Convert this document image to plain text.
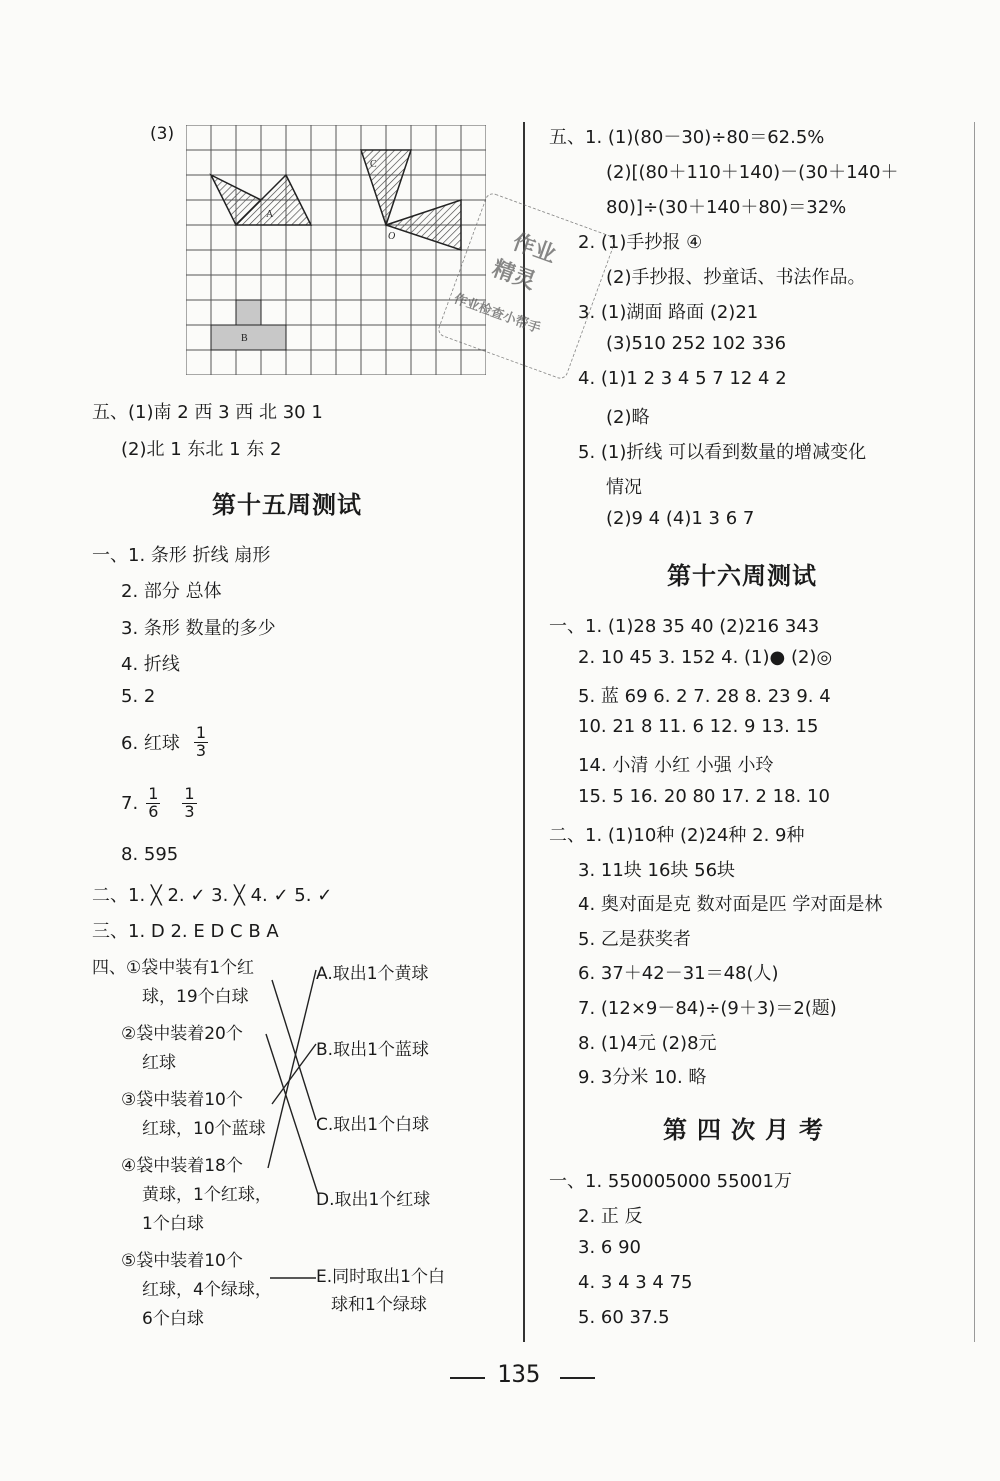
(3)
A
B
C
O
五、(1)南 2 西 3 西 北 30 1
(2)北 1 东北 1 东 2
第十五周测试
一、1. 条形 折线 扇形
2. 部分 总体
3. 条形 数量的多少
4. 折线
5. 2
6. 红球 $\frac{1}{3}$
7. $\frac{1}{6} \frac{1}{3}$
8. 595
二、1. ╳ 2. ✓ 3. ╳ 4. ✓ 5. ✓
三、1. D 2. E D C B A
四、①袋中装有1个红
球，19个白球
②袋中装着20个
红球
③袋中装着10个
红球，10个蓝球
④袋中装着18个
黄球，1个红球，
1个白球
⑤袋中装着10个
红球，4个绿球，
6个白球
A.取出1个黄球
B.取出1个蓝球
C.取出1个白球
D.取出1个红球
E.同时取出1个白
球和1个绿球
五、1. (1)(80－30)÷80＝62.5%
(2)[(80＋110＋140)－(30＋140＋
80)]÷(30＋140＋80)＝32%
2. (1)手抄报 ④
(2)手抄报、抄童话、书法作品。
3. (1)湖面 路面 (2)21
(3)510 252 102 336
4. (1)1 2 3 4 5 7 12 4 2
(2)略
5. (1)折线 可以看到数量的增减变化
情况
(2)9 4 (4)1 3 6 7
第十六周测试
一、1. (1)28 35 40 (2)216 343
2. 10 45 3. 152 4. (1)● (2)◎
5. 蓝 69 6. 2 7. 28 8. 23 9. 4
10. 21 8 11. 6 12. 9 13. 15
14. 小清 小红 小强 小玲
15. 5 16. 20 80 17. 2 18. 10
二、1. (1)10种 (2)24种 2. 9种
3. 11块 16块 56块
4. 奥对面是克 数对面是匹 学对面是林
5. 乙是获奖者
6. 37＋42－31＝48(人)
7. (12×9－84)÷(9＋3)＝2(题)
8. (1)4元 (2)8元
9. 3分米 10. 略
第四次月考
一、1. 550005000 55001万
2. 正 反
3. 6 90
4. 3 4 3 4 75
5. 60 37.5
作业
精灵
作业检查小帮手
135
